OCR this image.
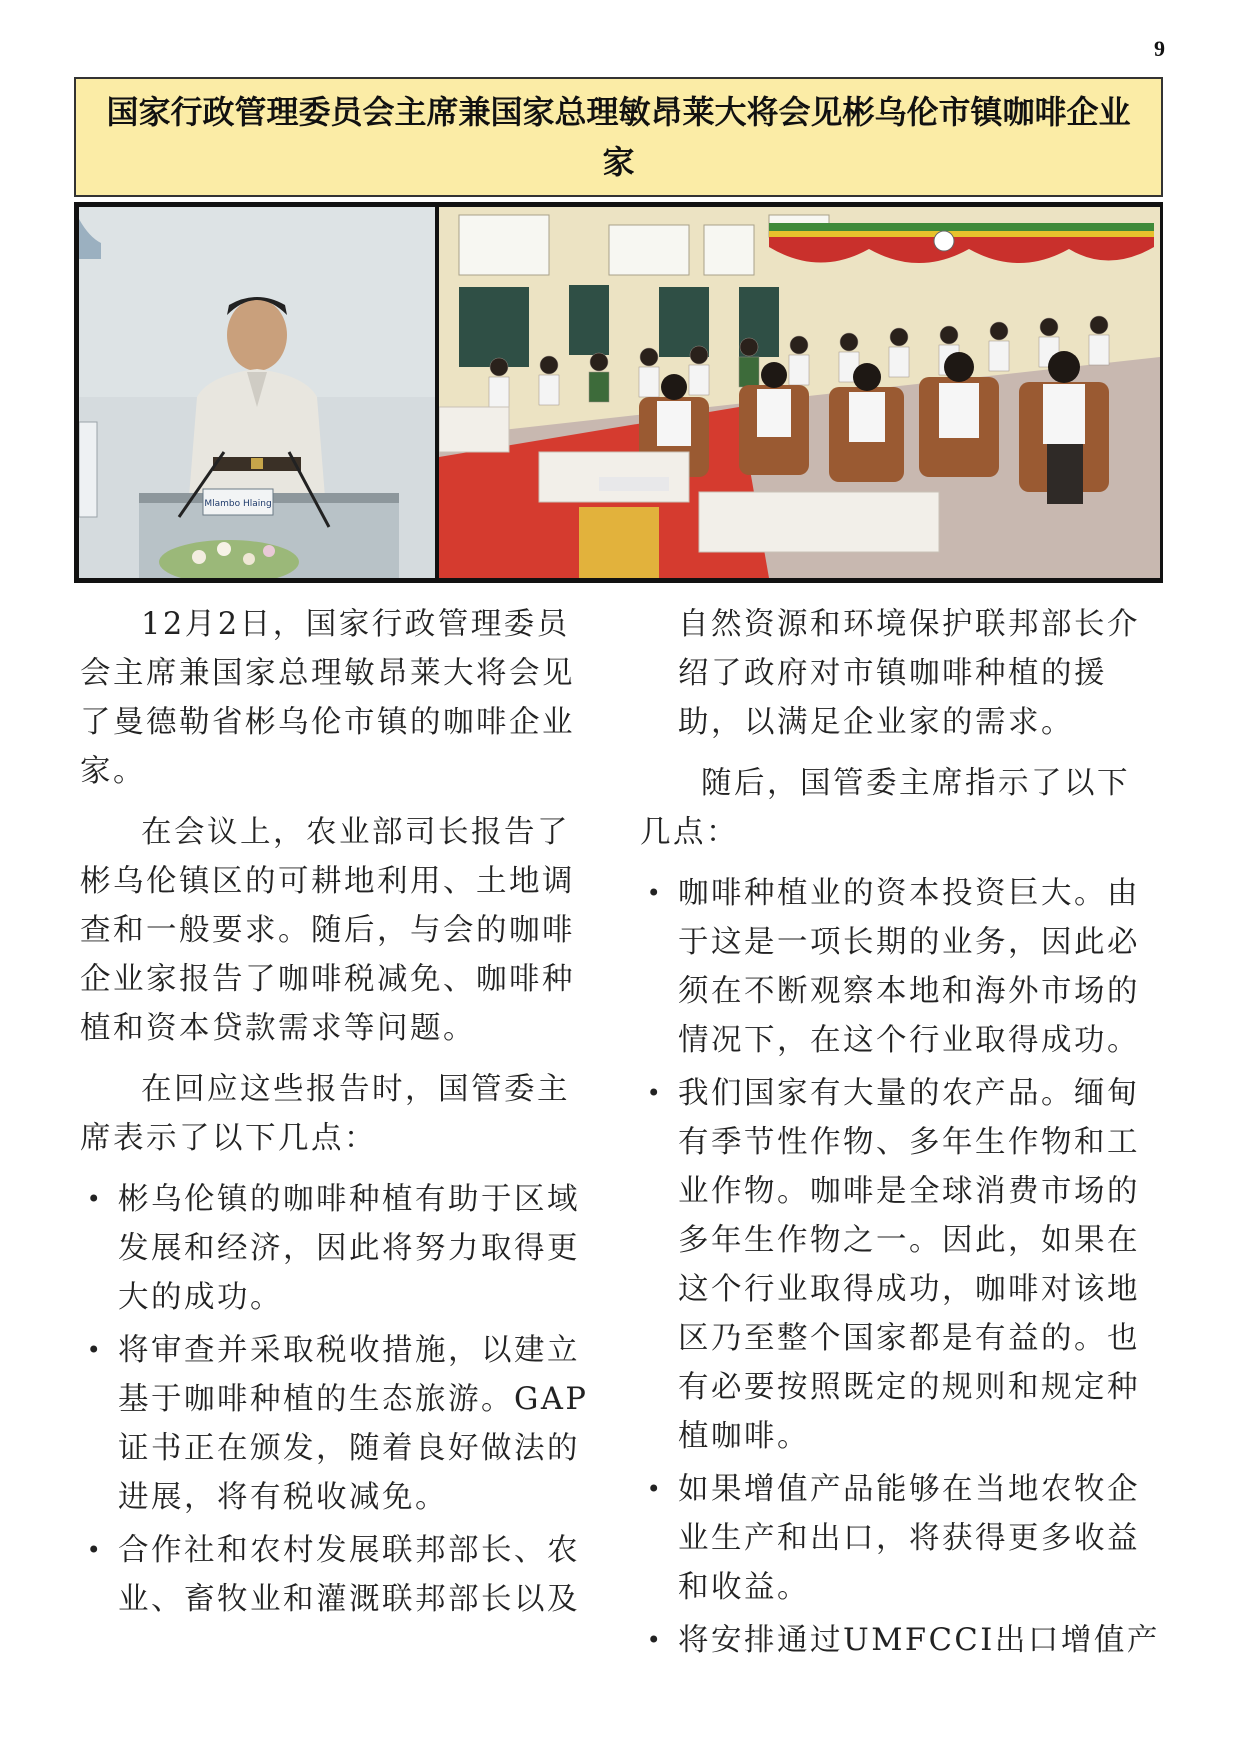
9
国家行政管理委员会主席兼国家总理敏昂莱大将会见彬乌伦市镇咖啡企业家
Mlambo Hlaing

12月2日，国家行政管理委员会主席兼国家总理敏昂莱大将会见了曼德勒省彬乌伦市镇的咖啡企业家。

在会议上，农业部司长报告了彬乌伦镇区的可耕地利用、土地调查和一般要求。随后，与会的咖啡企业家报告了咖啡税减免、咖啡种植和资本贷款需求等问题。

在回应这些报告时，国管委主席表示了以下几点：

• 彬乌伦镇的咖啡种植有助于区域发展和经济，因此将努力取得更大的成功。
• 将审查并采取税收措施，以建立基于咖啡种植的生态旅游。GAP证书正在颁发，随着良好做法的进展，将有税收减免。
• 合作社和农村发展联邦部长、农业、畜牧业和灌溉联邦部长以及

自然资源和环境保护联邦部长介绍了政府对市镇咖啡种植的援助，以满足企业家的需求。

随后，国管委主席指示了以下几点：

• 咖啡种植业的资本投资巨大。由于这是一项长期的业务，因此必须在不断观察本地和海外市场的情况下，在这个行业取得成功。
• 我们国家有大量的农产品。缅甸有季节性作物、多年生作物和工业作物。咖啡是全球消费市场的多年生作物之一。因此，如果在这个行业取得成功，咖啡对该地区乃至整个国家都是有益的。也有必要按照既定的规则和规定种植咖啡。
• 如果增值产品能够在当地农牧企业生产和出口，将获得更多收益和收益。
• 将安排通过UMFCCI出口增值产
